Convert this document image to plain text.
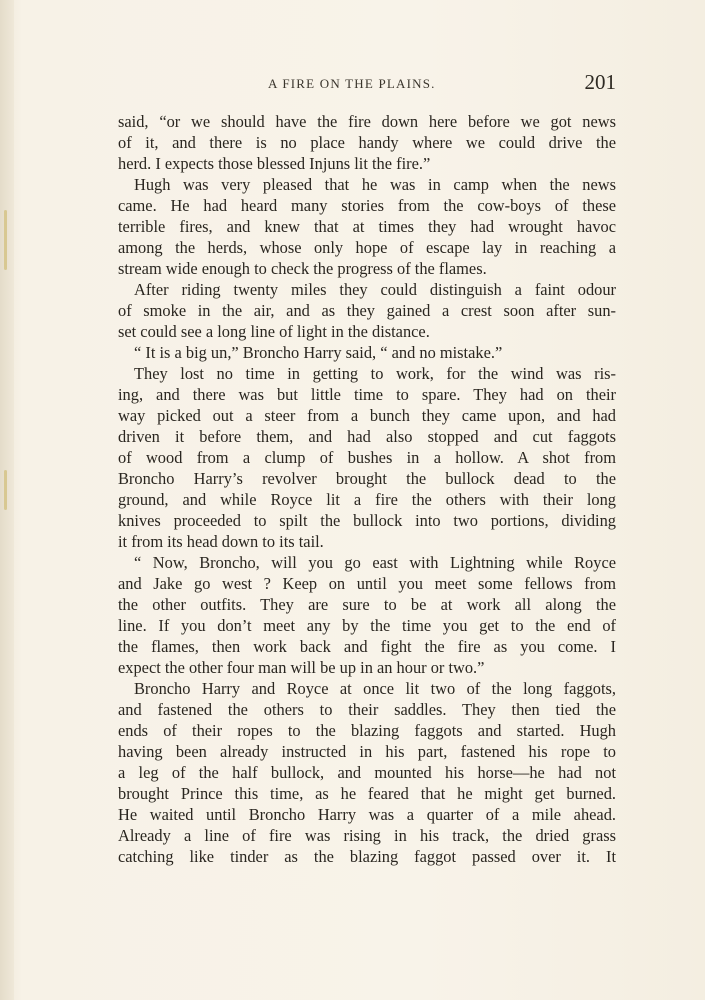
A FIRE ON THE PLAINS.	201
said, “or we should have the fire down here before we got news
of it, and there is no place handy where we could drive the
herd. I expects those blessed Injuns lit the fire.”
Hugh was very pleased that he was in camp when the news
came. He had heard many stories from the cow-boys of these
terrible fires, and knew that at times they had wrought havoc
among the herds, whose only hope of escape lay in reaching a
stream wide enough to check the progress of the flames.
After riding twenty miles they could distinguish a faint odour
of smoke in the air, and as they gained a crest soon after sun-
set could see a long line of light in the distance.
“ It is a big un,” Broncho Harry said, “ and no mistake.”
They lost no time in getting to work, for the wind was ris-
ing, and there was but little time to spare. They had on their
way picked out a steer from a bunch they came upon, and had
driven it before them, and had also stopped and cut faggots
of wood from a clump of bushes in a hollow. A shot from
Broncho Harry’s revolver brought the bullock dead to the
ground, and while Royce lit a fire the others with their long
knives proceeded to spilt the bullock into two portions, dividing
it from its head down to its tail.
“ Now, Broncho, will you go east with Lightning while Royce
and Jake go west ? Keep on until you meet some fellows from
the other outfits. They are sure to be at work all along the
line. If you don’t meet any by the time you get to the end of
the flames, then work back and fight the fire as you come. I
expect the other four man will be up in an hour or two.”
Broncho Harry and Royce at once lit two of the long faggots,
and fastened the others to their saddles. They then tied the
ends of their ropes to the blazing faggots and started. Hugh
having been already instructed in his part, fastened his rope to
a leg of the half bullock, and mounted his horse—he had not
brought Prince this time, as he feared that he might get burned.
He waited until Broncho Harry was a quarter of a mile ahead.
Already a line of fire was rising in his track, the dried grass
catching like tinder as the blazing faggot passed over it. It
